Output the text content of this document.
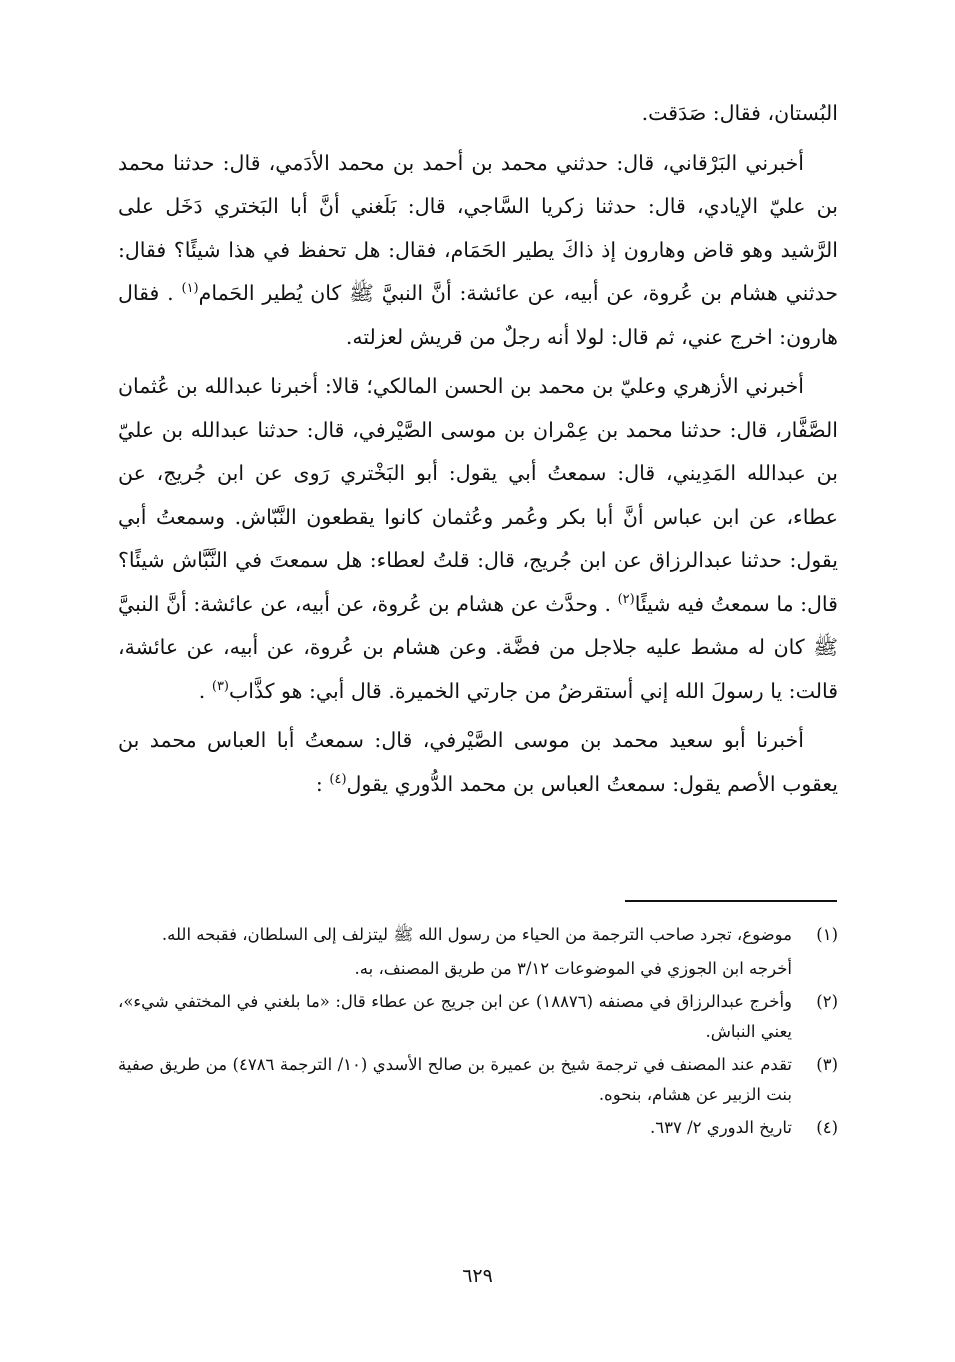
البُستان، فقال: صَدَقت.

أخبرني البَرْقاني، قال: حدثني محمد بن أحمد بن محمد الأدَمي، قال: حدثنا محمد بن عليّ الإيادي، قال: حدثنا زكريا السَّاجي، قال: بَلَغني أنَّ أبا البَختري دَخَل على الرَّشيد وهو قاض وهارون إذ ذاكَ يطير الحَمَام، فقال: هل تحفظ في هذا شيئًا؟ فقال: حدثني هشام بن عُروة، عن أبيه، عن عائشة: أنَّ النبيَّ ﷺ كان يُطير الحَمام$^{(١)}$ . فقال هارون: اخرج عني، ثم قال: لولا أنه رجلٌ من قريش لعزلته.

أخبرني الأزهري وعليّ بن محمد بن الحسن المالكي؛ قالا: أخبرنا عبدالله بن عُثمان الصَّفَّار، قال: حدثنا محمد بن عِمْران بن موسى الصَّيْرفي، قال: حدثنا عبدالله بن عليّ بن عبدالله المَدِيني، قال: سمعتُ أبي يقول: أبو البَخْتري رَوى عن ابن جُريج، عن عطاء، عن ابن عباس أنَّ أبا بكر وعُمر وعُثمان كانوا يقطعون النَّبّاش. وسمعتُ أبي يقول: حدثنا عبدالرزاق عن ابن جُريج، قال: قلتُ لعطاء: هل سمعتَ في النَّبَّاش شيئًا؟ قال: ما سمعتُ فيه شيئًا$^{(٢)}$ . وحدَّث عن هشام بن عُروة، عن أبيه، عن عائشة: أنَّ النبيَّ ﷺ كان له مشط عليه جلاجل من فضَّة. وعن هشام بن عُروة، عن أبيه، عن عائشة، قالت: يا رسولَ الله إني أستقرضُ من جارتي الخميرة. قال أبي: هو كذَّاب$^{(٣)}$ .

أخبرنا أبو سعيد محمد بن موسى الصَّيْرفي، قال: سمعتُ أبا العباس محمد بن يعقوب الأصم يقول: سمعتُ العباس بن محمد الدُّوري يقول$^{(٤)}$ :

(١)
موضوع، تجرد صاحب الترجمة من الحياء من رسول الله ﷺ ليتزلف إلى السلطان، فقبحه الله.
أخرجه ابن الجوزي في الموضوعات ٣/١٢ من طريق المصنف، به.
(٢)
وأخرج عبدالرزاق في مصنفه (١٨٨٧٦) عن ابن جريج عن عطاء قال: «ما بلغني في المختفي شيء»، يعني النباش.
(٣)
تقدم عند المصنف في ترجمة شيخ بن عميرة بن صالح الأسدي (١٠/ الترجمة ٤٧٨٦) من طريق صفية بنت الزبير عن هشام، بنحوه.
(٤)
تاريخ الدوري ٢/ ٦٣٧.
٦٢٩
